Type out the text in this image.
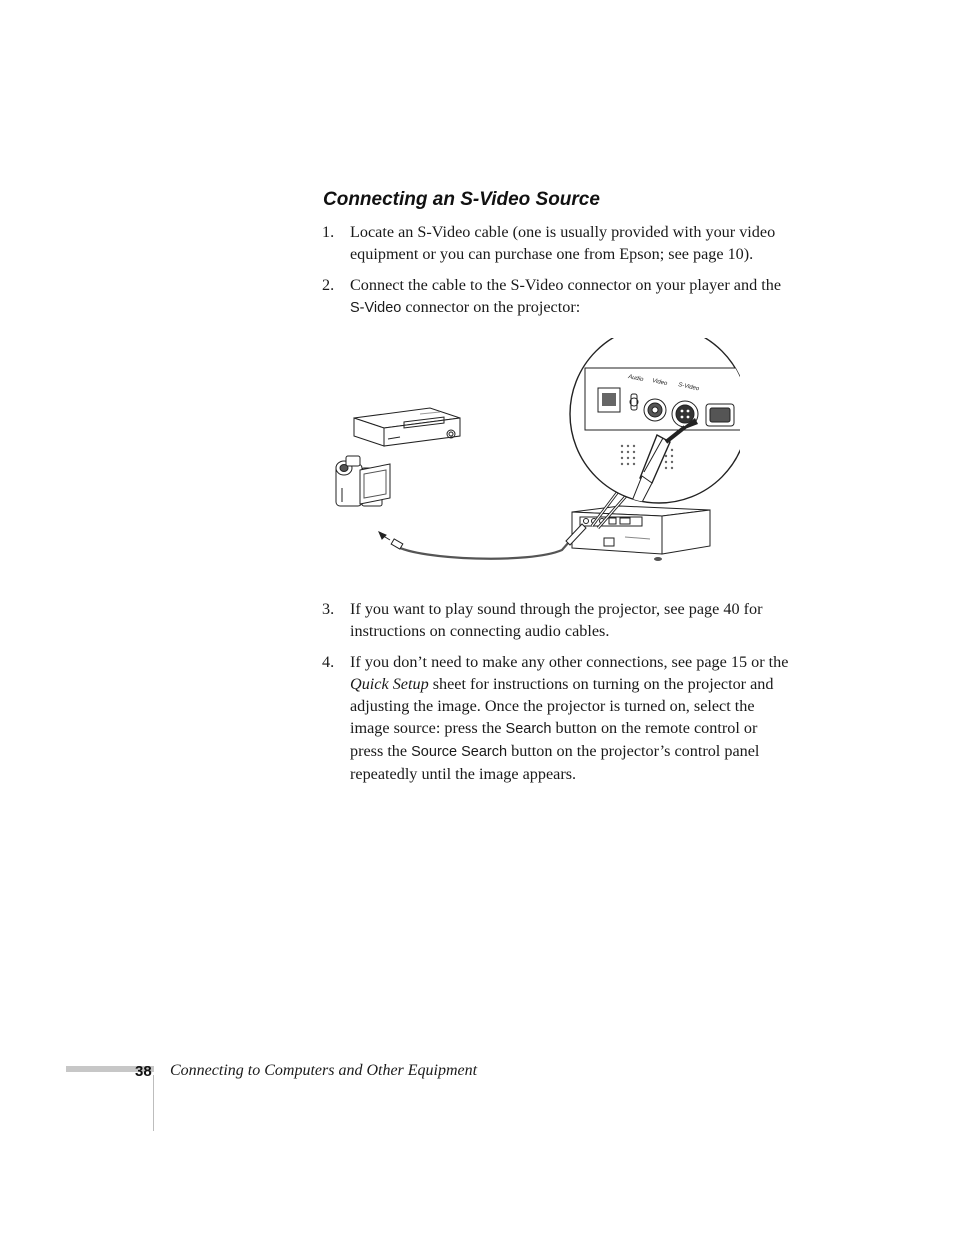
Connecting an S-Video Source
1. Locate an S-Video cable (one is usually provided with your video equipment or you can purchase one from Epson; see page 10).
2. Connect the cable to the S-Video connector on your player and the S-Video connector on the projector:
Audio Video S-Video
3. If you want to play sound through the projector, see page 40 for instructions on connecting audio cables.
4. If you don’t need to make any other connections, see page 15 or the Quick Setup sheet for instructions on turning on the projector and adjusting the image. Once the projector is turned on, select the image source: press the Search button on the remote control or press the Source Search button on the projector’s control panel repeatedly until the image appears.
38 Connecting to Computers and Other Equipment
